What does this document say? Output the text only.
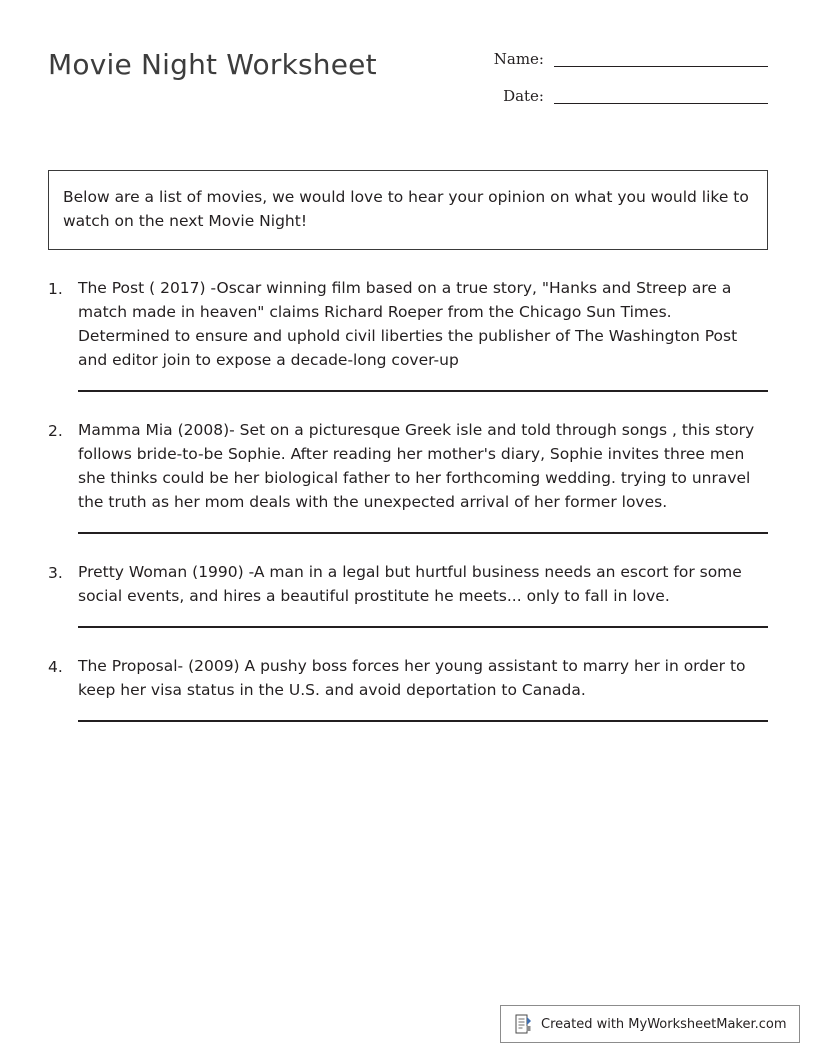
Movie Night Worksheet	Name:
Date:
Below are a list of movies, we would love to hear your opinion on what you would like to watch on the next Movie Night!
1. The Post ( 2017) -Oscar winning film based on a true story, "Hanks and Streep are a match made in heaven" claims Richard Roeper from the Chicago Sun Times. Determined to ensure and uphold civil liberties the publisher of The Washington Post and editor join to expose a decade-long cover-up
2. Mamma Mia (2008)- Set on a picturesque Greek isle and told through songs , this story follows bride-to-be Sophie. After reading her mother's diary, Sophie invites three men she thinks could be her biological father to her forthcoming wedding. trying to unravel the truth as her mom deals with the unexpected arrival of her former loves.
3. Pretty Woman (1990) -A man in a legal but hurtful business needs an escort for some social events, and hires a beautiful prostitute he meets... only to fall in love.
4. The Proposal- (2009) A pushy boss forces her young assistant to marry her in order to keep her visa status in the U.S. and avoid deportation to Canada.
Created with MyWorksheetMaker.com
